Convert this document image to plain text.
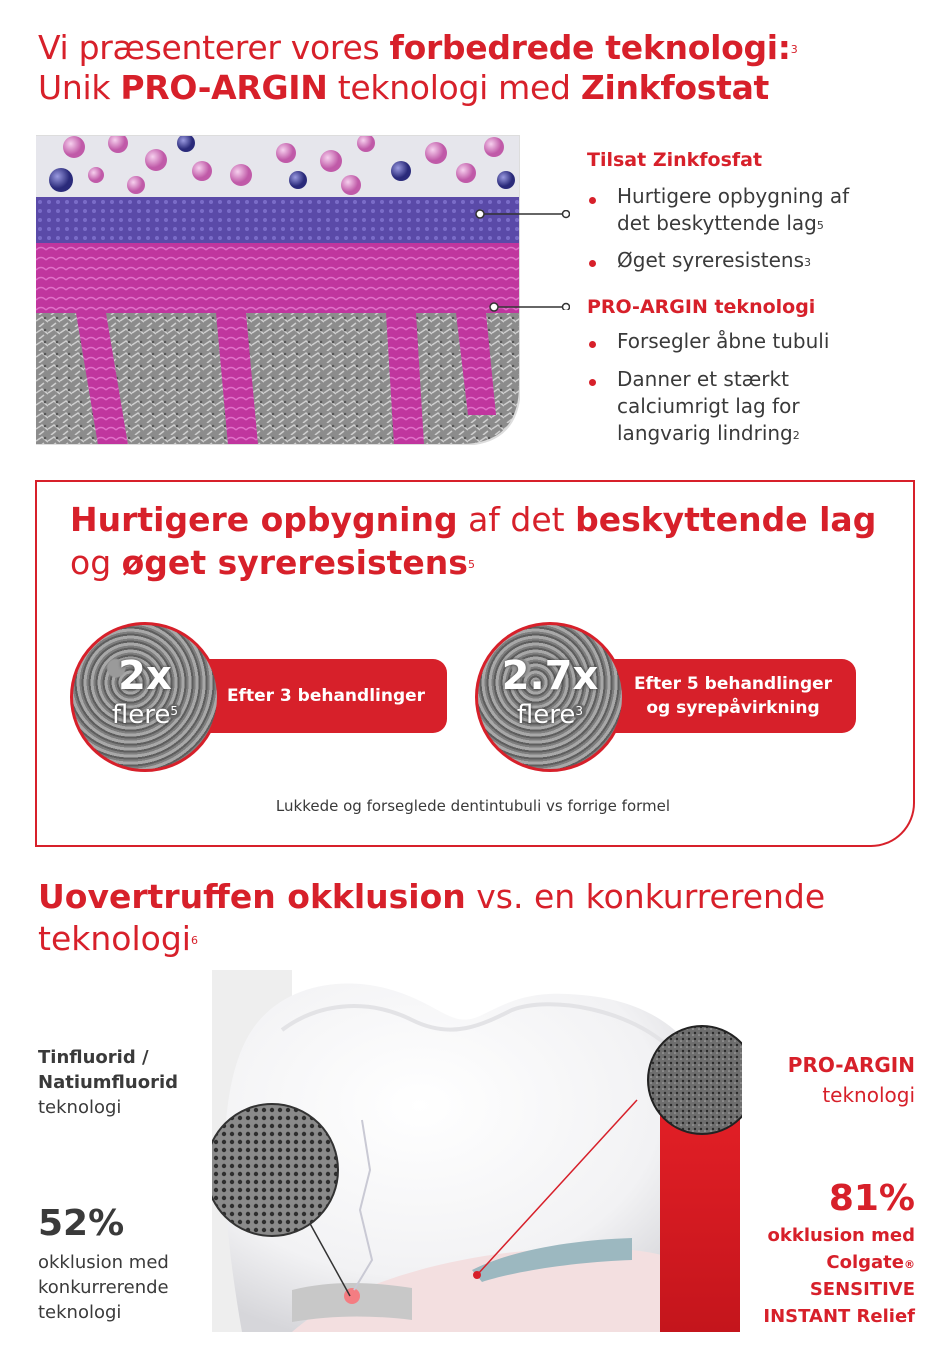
Vi præsenterer vores forbedrede teknologi:$^3$
Unik PRO-ARGIN teknologi med Zinkfostat
Tilsat Zinkfosfat
Hurtigere opbygning af
det beskyttende lag$^5$
Øget syreresistens$^3$
PRO-ARGIN teknologi
Forsegler åbne tubuli
Danner et stærkt
calciumrigt lag for
langvarig lindring$^2$
Hurtigere opbygning af det beskyttende lag
og øget syreresistens$^5$
Efter 3 behandlinger
2x
flere$^5$
Efter 5 behandlinger
og syrepåvirkning
2.7x
flere$^3$
Lukkede og forseglede dentintubuli vs forrige formel
Uovertruffen okklusion vs. en konkurrerende
teknologi$^6$
Tinfluorid /
Natiumfluorid
teknologi
52%
okklusion med
konkurrerende
teknologi
PRO-ARGIN
teknologi
81%
okklusion med
Colgate®
SENSITIVE
INSTANT Relief
